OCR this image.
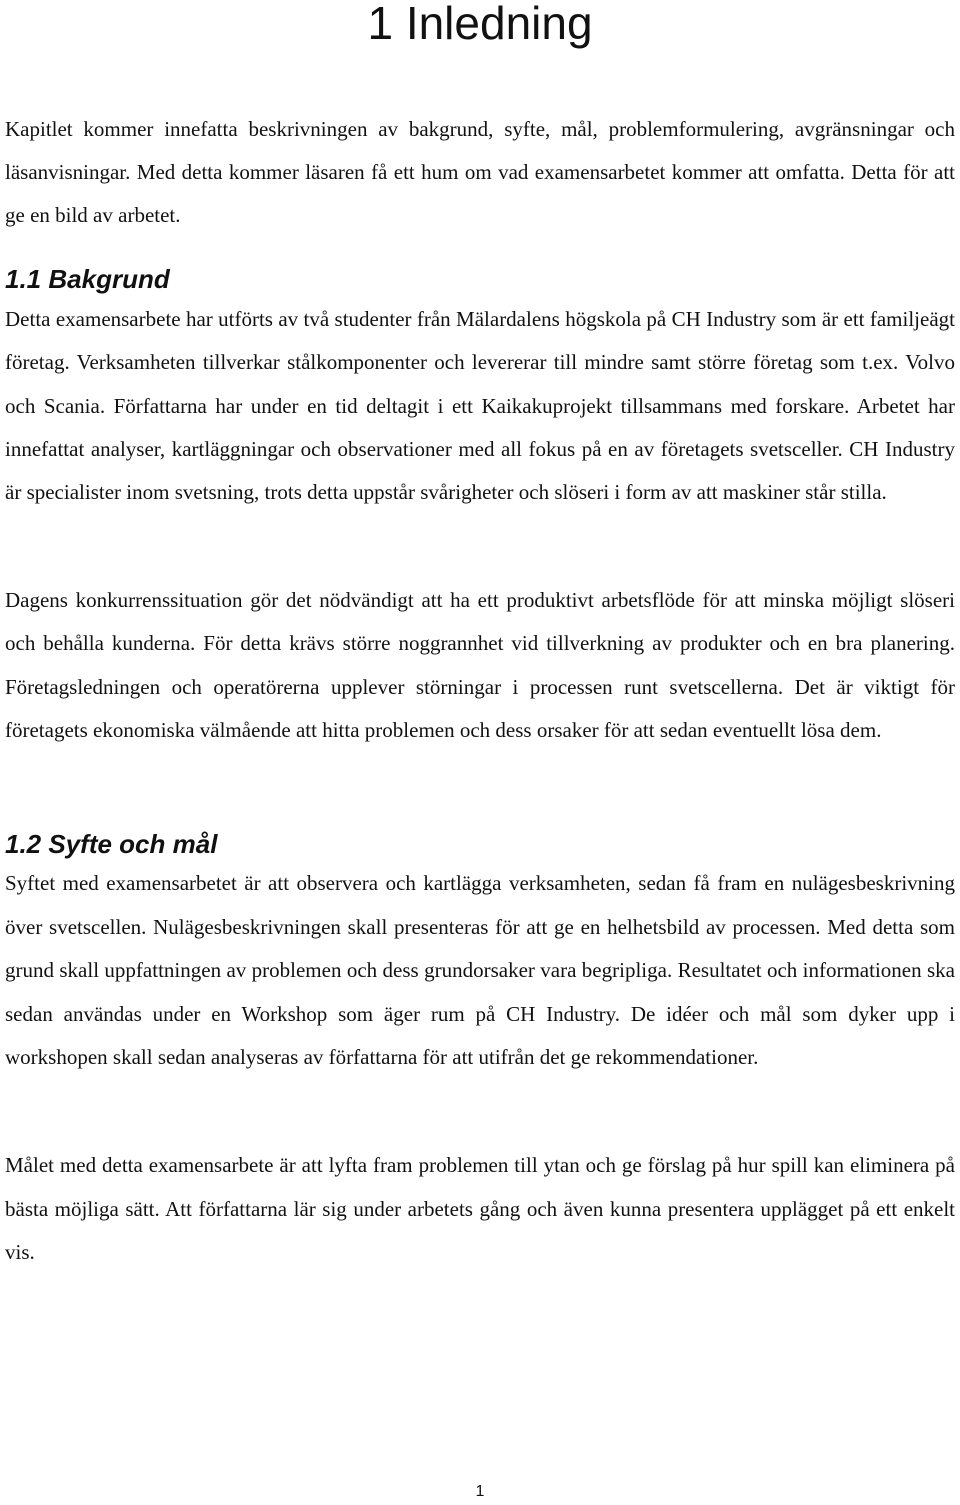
1 Inledning

Kapitlet kommer innefatta beskrivningen av bakgrund, syfte, mål, problemformulering, avgränsningar och läsanvisningar. Med detta kommer läsaren få ett hum om vad examensarbetet kommer att omfatta. Detta för att ge en bild av arbetet.

1.1 Bakgrund

Detta examensarbete har utförts av två studenter från Mälardalens högskola på CH Industry som är ett familjeägt företag. Verksamheten tillverkar stålkomponenter och levererar till mindre samt större företag som t.ex. Volvo och Scania. Författarna har under en tid deltagit i ett Kaikakuprojekt tillsammans med forskare. Arbetet har innefattat analyser, kartläggningar och observationer med all fokus på en av företagets svetsceller. CH Industry är specialister inom svetsning, trots detta uppstår svårigheter och slöseri i form av att maskiner står stilla.

Dagens konkurrenssituation gör det nödvändigt att ha ett produktivt arbetsflöde för att minska möjligt slöseri och behålla kunderna. För detta krävs större noggrannhet vid tillverkning av produkter och en bra planering. Företagsledningen och operatörerna upplever störningar i processen runt svetscellerna. Det är viktigt för företagets ekonomiska välmående att hitta problemen och dess orsaker för att sedan eventuellt lösa dem.

1.2 Syfte och mål

Syftet med examensarbetet är att observera och kartlägga verksamheten, sedan få fram en nulägesbeskrivning över svetscellen. Nulägesbeskrivningen skall presenteras för att ge en helhetsbild av processen. Med detta som grund skall uppfattningen av problemen och dess grundorsaker vara begripliga. Resultatet och informationen ska sedan användas under en Workshop som äger rum på CH Industry. De idéer och mål som dyker upp i workshopen skall sedan analyseras av författarna för att utifrån det ge rekommendationer.

Målet med detta examensarbete är att lyfta fram problemen till ytan och ge förslag på hur spill kan eliminera på bästa möjliga sätt. Att författarna lär sig under arbetets gång och även kunna presentera upplägget på ett enkelt vis.

1
